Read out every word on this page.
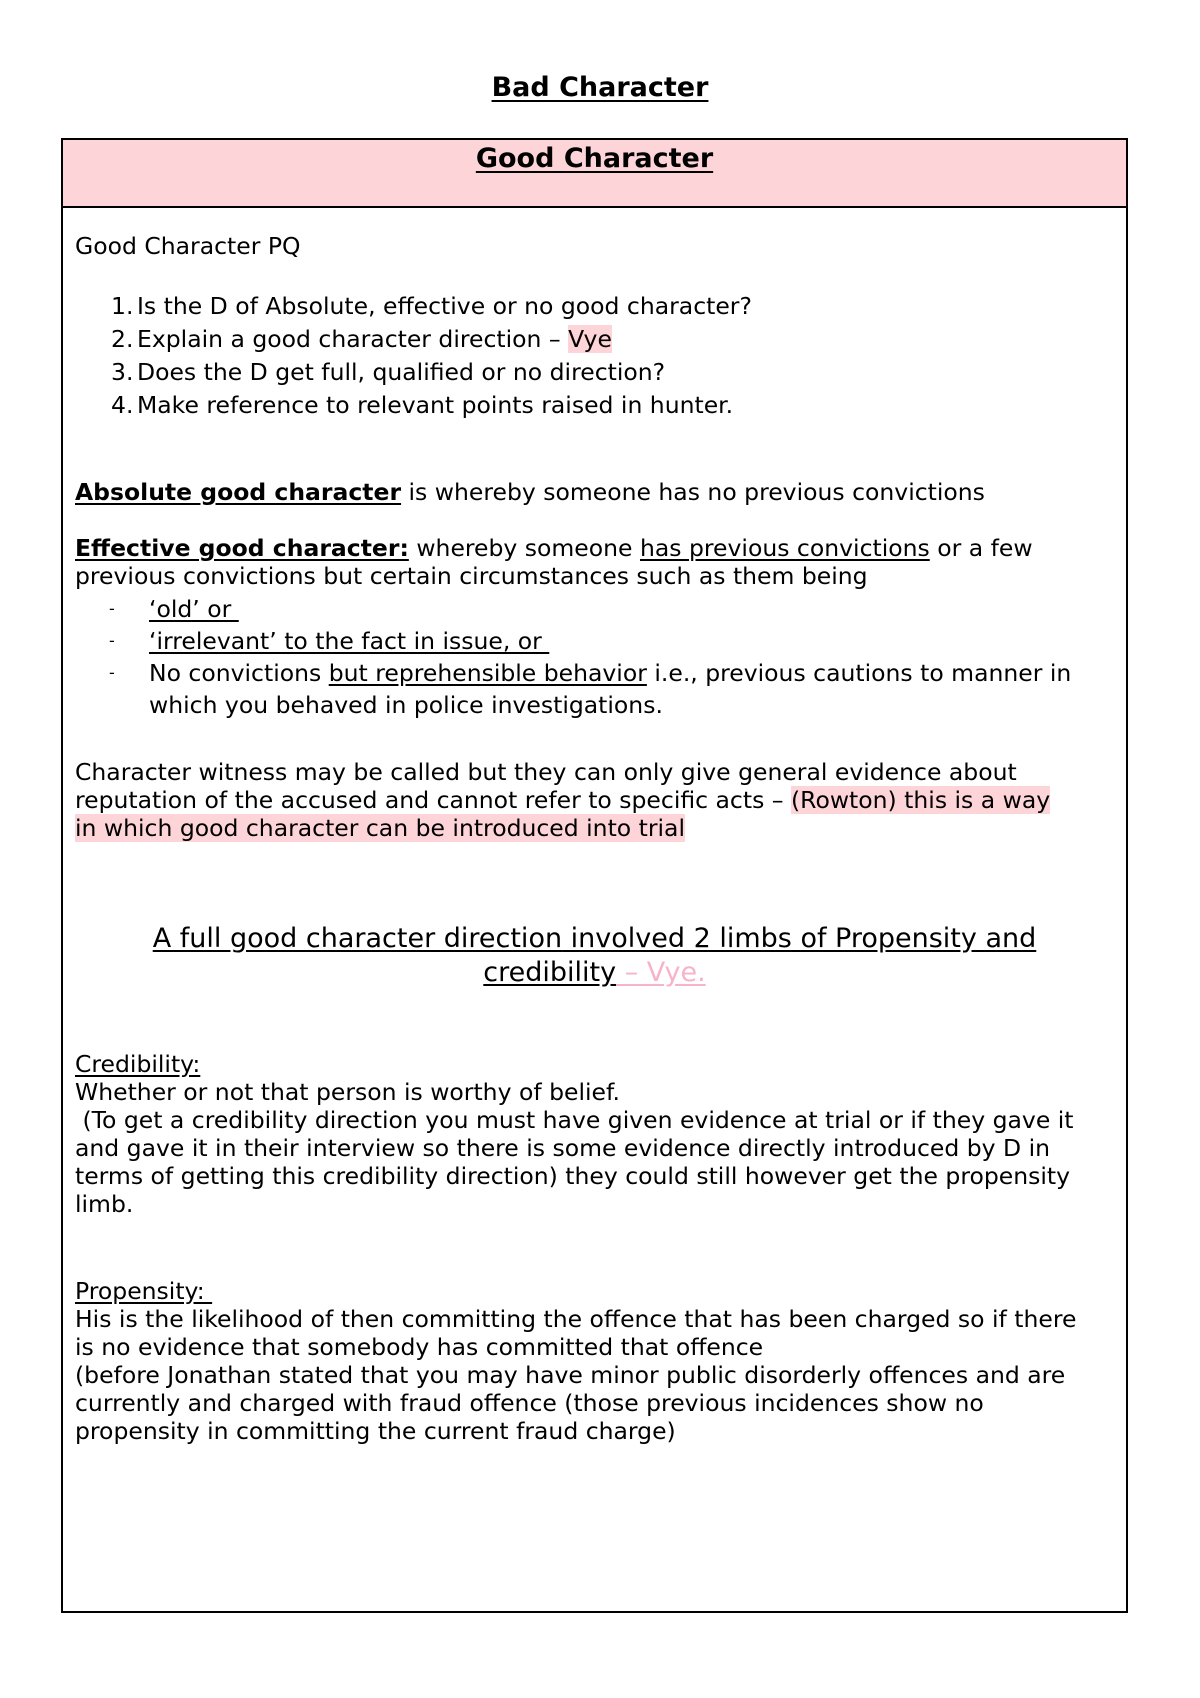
Bad Character
Good Character
Good Character PQ
1. Is the D of Absolute, effective or no good character?
2. Explain a good character direction – Vye
3. Does the D get full, qualified or no direction?
4. Make reference to relevant points raised in hunter.
Absolute good character is whereby someone has no previous convictions
Effective good character: whereby someone has previous convictions or a few
previous convictions but certain circumstances such as them being
- ‘old’ or
- ‘irrelevant’ to the fact in issue, or
- No convictions but reprehensible behavior i.e., previous cautions to manner in which you behaved in police investigations.
Character witness may be called but they can only give general evidence about
reputation of the accused and cannot refer to specific acts – (Rowton) this is a way
in which good character can be introduced into trial
A full good character direction involved 2 limbs of Propensity and
credibility – Vye.
Credibility:
Whether or not that person is worthy of belief.
(To get a credibility direction you must have given evidence at trial or if they gave it
and gave it in their interview so there is some evidence directly introduced by D in
terms of getting this credibility direction) they could still however get the propensity
limb.
Propensity:
His is the likelihood of then committing the offence that has been charged so if there
is no evidence that somebody has committed that offence
(before Jonathan stated that you may have minor public disorderly offences and are
currently and charged with fraud offence (those previous incidences show no
propensity in committing the current fraud charge)
